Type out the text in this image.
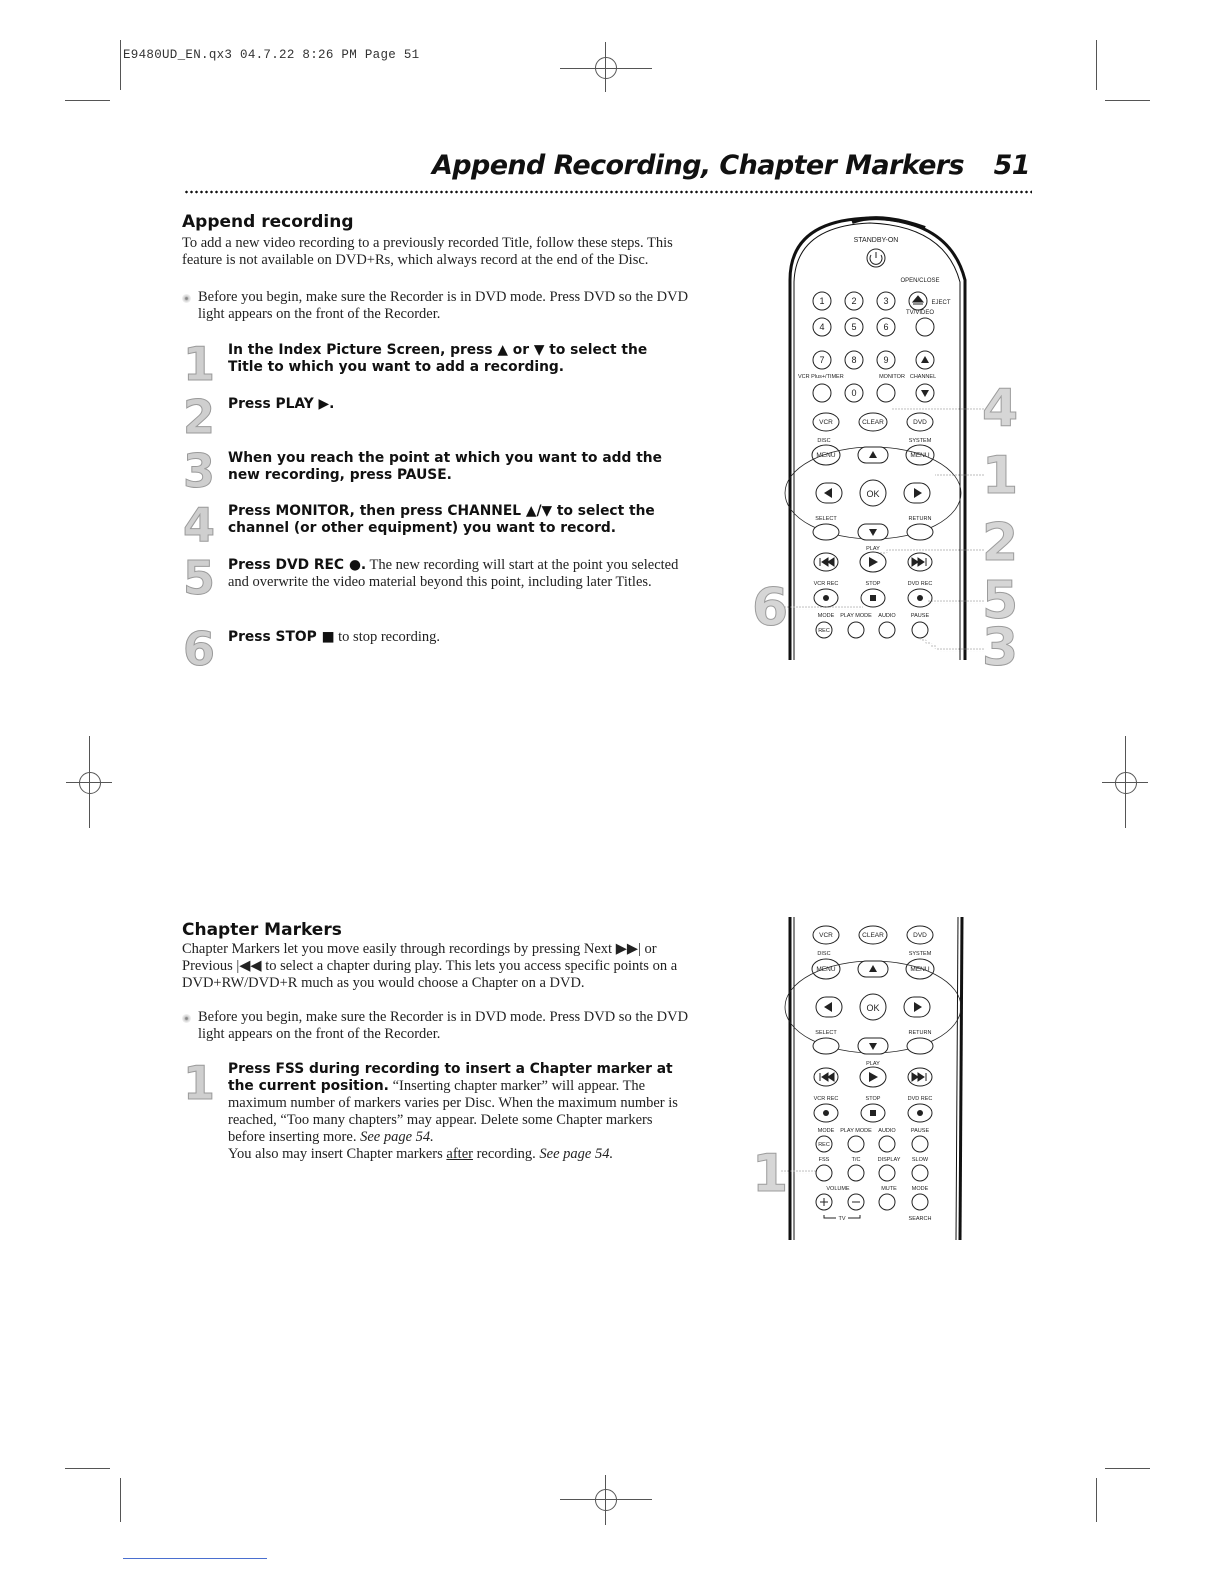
E9480UD_EN.qx3 04.7.22 8:26 PM Page 51
Append Recording, Chapter Markers 51
Append recording
To add a new video recording to a previously recorded Title, follow these steps. This feature is not available on DVD+Rs, which always record at the end of the Disc.
Before you begin, make sure the Recorder is in DVD mode. Press DVD so the DVD light appears on the front of the Recorder.
1
2
3
4
5
6
In the Index Picture Screen, press ▲ or ▼ to select the Title to which you want to add a recording.
Press PLAY ▶.
When you reach the point at which you want to add the new recording, press PAUSE.
Press MONITOR, then press CHANNEL ▲/▼ to select the channel (or other equipment) you want to record.
Press DVD REC ●. The new recording will start at the point you selected and overwrite the video material beyond this point, including later Titles.
Press STOP ■ to stop recording.
STANDBY-ON
OPEN/CLOSE
1	2	3	EJECT
TV/VIDEO
4	5	6
7	8	9
VCR Plus+/TIMER	MONITOR CHANNEL
0
VCR	CLEAR	DVD
DISC	SYSTEM
MENU	MENU
OK
SELECT	RETURN
PLAY
VCR REC	STOP	DVD REC
MODE PLAY MODE AUDIO	PAUSE
REC
4
1
2
5
3
6
Chapter Markers
Chapter Markers let you move easily through recordings by pressing Next ▶▶| or Previous |◀◀ to select a chapter during play. This lets you access specific points on a DVD+RW/DVD+R much as you would choose a Chapter on a DVD.
Before you begin, make sure the Recorder is in DVD mode. Press DVD so the DVD light appears on the front of the Recorder.
1 Press FSS during recording to insert a Chapter marker at the current position. “Inserting chapter marker” will appear. The maximum number of markers varies per Disc. When the maximum number is reached, “Too many chapters” may appear. Delete some Chapter markers before inserting more. See page 54.
You also may insert Chapter markers after recording. See page 54.
VCR	CLEAR	DVD
DISC	SYSTEM
MENU	MENU
OK
SELECT	RETURN
PLAY
VCR REC	STOP	DVD REC
MODE PLAY MODE AUDIO	PAUSE
REC
FSS	T/C	DISPLAY SLOW
VOLUME	MUTE	MODE
TV	SEARCH
1
